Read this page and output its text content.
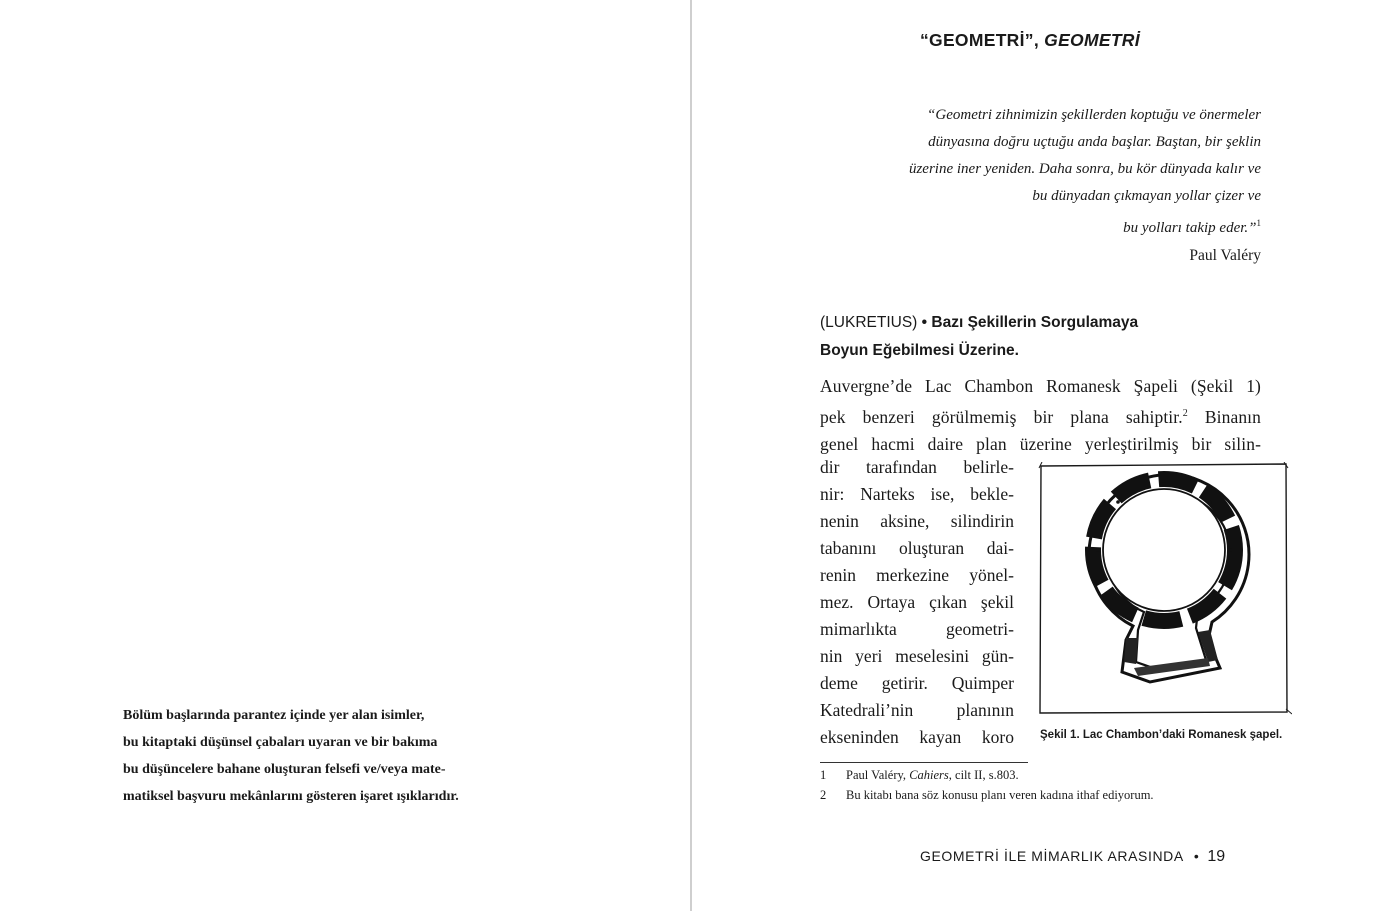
Bölüm başlarında parantez içinde yer alan isimler,
bu kitaptaki düşünsel çabaları uyaran ve bir bakıma
bu düşüncelere bahane oluşturan felsefi ve/veya mate-
matiksel başvuru mekânlarını gösteren işaret ışıklarıdır.
“GEOMETRİ”, GEOMETRİ
“Geometri zihnimizin şekillerden koptuğu ve önermeler
dünyasına doğru uçtuğu anda başlar. Baştan, bir şeklin
üzerine iner yeniden. Daha sonra, bu kör dünyada kalır ve
bu dünyadan çıkmayan yollar çizer ve
bu yolları takip eder.”$^1$
Paul Valéry
(LUKRETIUS) • Bazı Şekillerin Sorgulamaya
Boyun Eğebilmesi Üzerine.
Auvergne’de Lac Chambon Romanesk Şapeli (Şekil 1)
pek benzeri görülmemiş bir plana sahiptir.$^2$ Binanın
genel hacmi daire plan üzerine yerleştirilmiş bir silin-
dir tarafından belirle-
nir: Narteks ise, bekle-
nenin aksine, silindirin
tabanını oluşturan dai-
renin merkezine yönel-
mez. Ortaya çıkan şekil
mimarlıkta geometri-
nin yeri meselesini gün-
deme getirir. Quimper
Katedrali’nin planının
ekseninden kayan koro Şekil 1. Lac Chambon’daki Romanesk şapel.
1 Paul Valéry, Cahiers, cilt II, s.803.
2 Bu kitabı bana söz konusu planı veren kadına ithaf ediyorum.
GEOMETRİ İLE MİMARLIK ARASINDA • 19
